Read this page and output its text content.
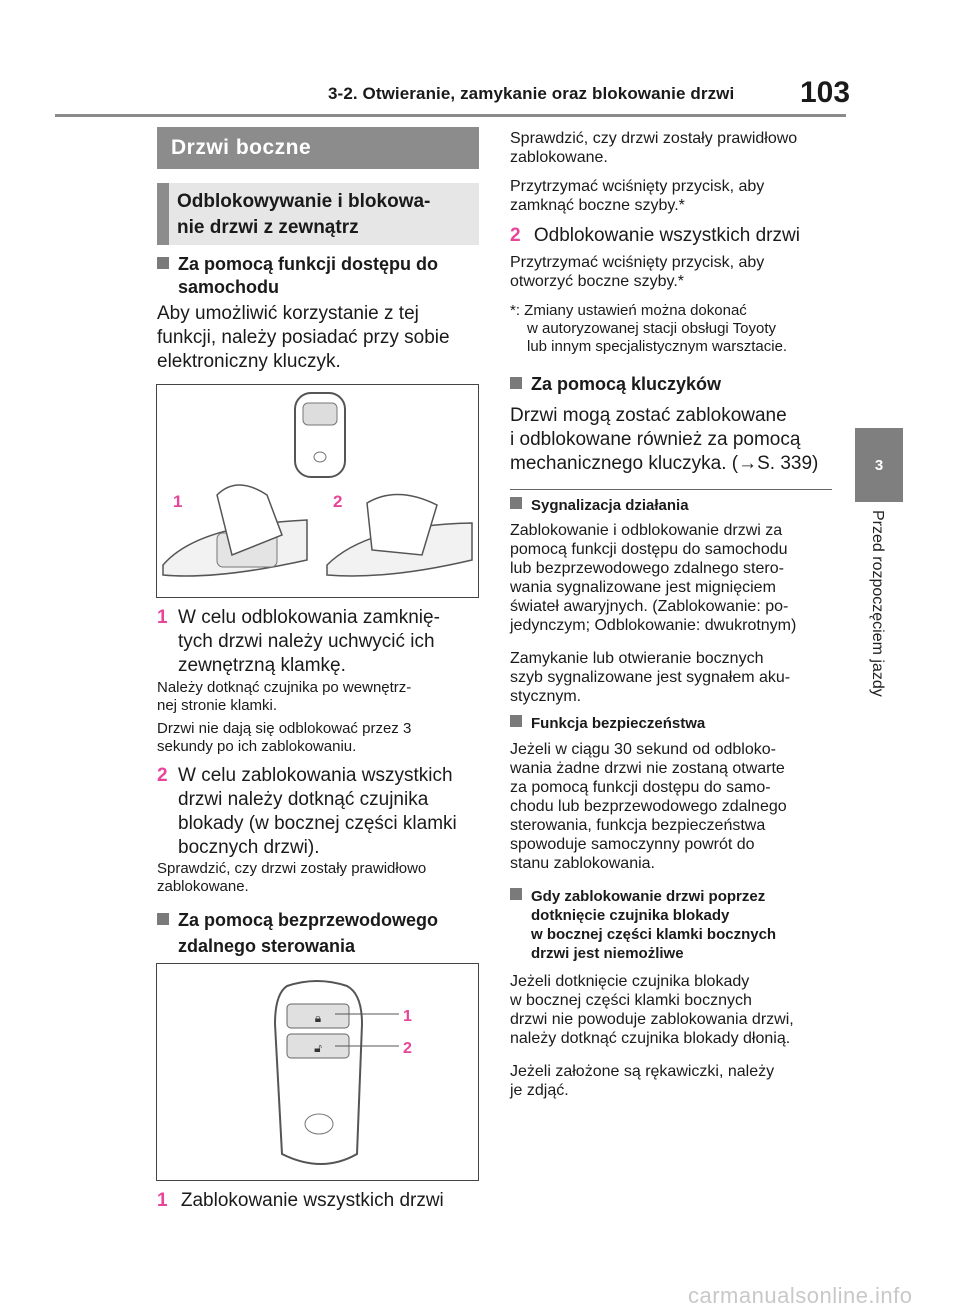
3-2. Otwieranie, zamykanie oraz blokowanie drzwi 103
3
Przed rozpoczęciem jazdy
Drzwi boczne
Odblokowywanie i blokowa-
nie drzwi z zewnątrz
Za pomocą funkcji dostępu do
samochodu
Aby umożliwić korzystanie z tej
funkcji, należy posiadać przy sobie
elektroniczny kluczyk.
1	2
1 W celu odblokowania zamknię-
tych drzwi należy uchwycić ich
zewnętrzną klamkę.
Należy dotknąć czujnika po wewnętrz-
nej stronie klamki.
Drzwi nie dają się odblokować przez 3
sekundy po ich zablokowaniu.
2 W celu zablokowania wszystkich
drzwi należy dotknąć czujnika
blokady (w bocznej części klamki
bocznych drzwi).
Sprawdzić, czy drzwi zostały prawidłowo
zablokowane.
Za pomocą bezprzewodowego
zdalnego sterowania
🔒︎
🔓︎
1
2
1 Zablokowanie wszystkich drzwi
Sprawdzić, czy drzwi zostały prawidłowo
zablokowane.
Przytrzymać wciśnięty przycisk, aby
zamknąć boczne szyby.*
2 Odblokowanie wszystkich drzwi
Przytrzymać wciśnięty przycisk, aby
otworzyć boczne szyby.*
*: Zmiany ustawień można dokonać
w autoryzowanej stacji obsługi Toyoty
lub innym specjalistycznym warsztacie.
Za pomocą kluczyków
Drzwi mogą zostać zablokowane
i odblokowane również za pomocą
mechanicznego kluczyka. (→S. 339)
Sygnalizacja działania
Zablokowanie i odblokowanie drzwi za
pomocą funkcji dostępu do samochodu
lub bezprzewodowego zdalnego stero-
wania sygnalizowane jest mignięciem
świateł awaryjnych. (Zablokowanie: po-
jedynczym; Odblokowanie: dwukrotnym)
Zamykanie lub otwieranie bocznych
szyb sygnalizowane jest sygnałem aku-
stycznym.
Funkcja bezpieczeństwa
Jeżeli w ciągu 30 sekund od odbloko-
wania żadne drzwi nie zostaną otwarte
za pomocą funkcji dostępu do samo-
chodu lub bezprzewodowego zdalnego
sterowania, funkcja bezpieczeństwa
spowoduje samoczynny powrót do
stanu zablokowania.
Gdy zablokowanie drzwi poprzez
dotknięcie czujnika blokady
w bocznej części klamki bocznych
drzwi jest niemożliwe
Jeżeli dotknięcie czujnika blokady
w bocznej części klamki bocznych
drzwi nie powoduje zablokowania drzwi,
należy dotknąć czujnika blokady dłonią.
Jeżeli założone są rękawiczki, należy
je zdjąć.
carmanualsonline.info
